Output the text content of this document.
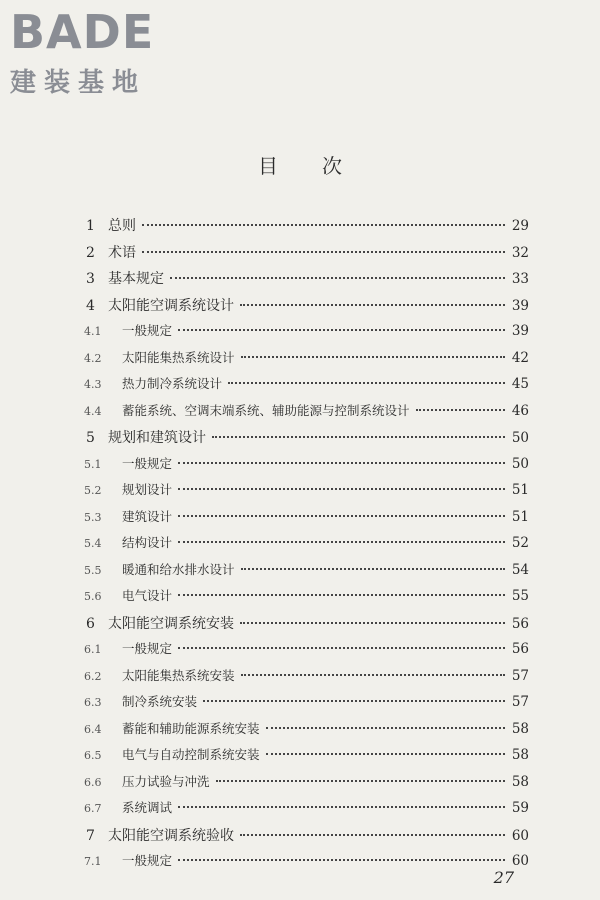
BADE
建装基地
目次
1 总则	29
2 术语	32
3 基本规定	33
4 太阳能空调系统设计	39
4.1	一般规定	39
4.2	太阳能集热系统设计	42
4.3	热力制冷系统设计	45
4.4	蓄能系统、空调末端系统、辅助能源与控制系统设计	46
5 规划和建筑设计	50
5.1	一般规定	50
5.2	规划设计	51
5.3	建筑设计	51
5.4	结构设计	52
5.5	暖通和给水排水设计	54
5.6	电气设计	55
6 太阳能空调系统安装	56
6.1	一般规定	56
6.2	太阳能集热系统安装	57
6.3	制冷系统安装	57
6.4	蓄能和辅助能源系统安装	58
6.5	电气与自动控制系统安装	58
6.6	压力试验与冲洗	58
6.7	系统调试	59
7 太阳能空调系统验收	60
7.1	一般规定	60
27
